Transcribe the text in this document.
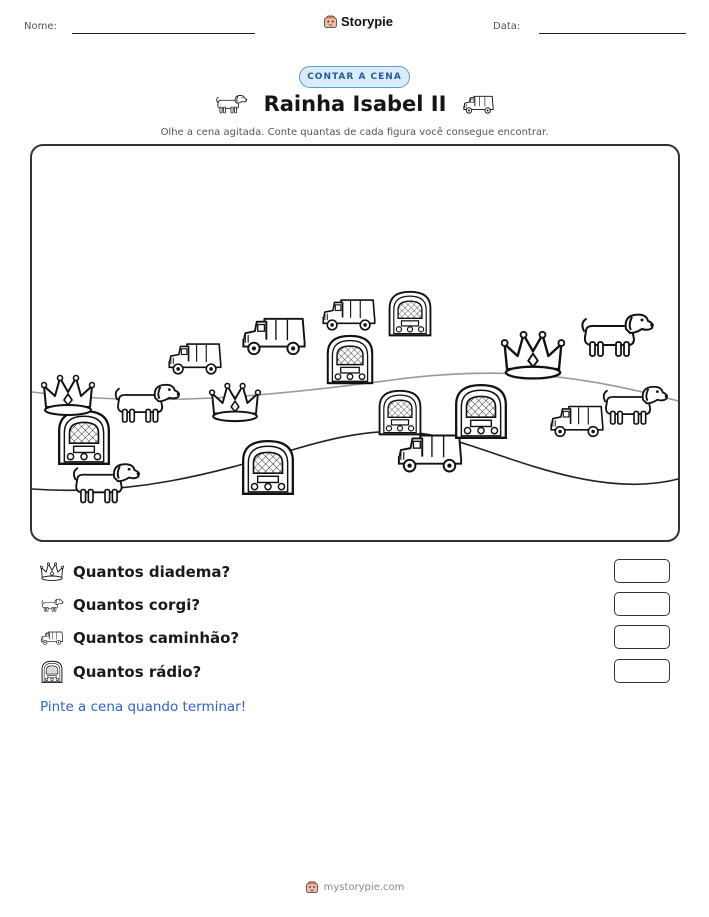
Nome:	Storypie	Data:
CONTAR A CENA
Rainha Isabel II
Olhe a cena agitada. Conte quantas de cada figura você consegue encontrar.
Quantos diadema?
Quantos corgi?
Quantos caminhão?
Quantos rádio?
Pinte a cena quando terminar!
mystorypie.com
